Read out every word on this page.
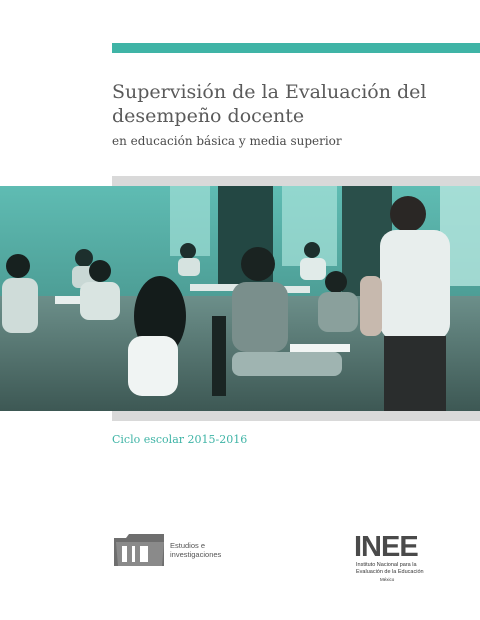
Supervisión de la Evaluación del desempeño docente
en educación básica y media superior
Ciclo escolar 2015-2016
Estudios e
investigaciones	INEE
Instituto Nacional para la
Evaluación de la Educación
México
